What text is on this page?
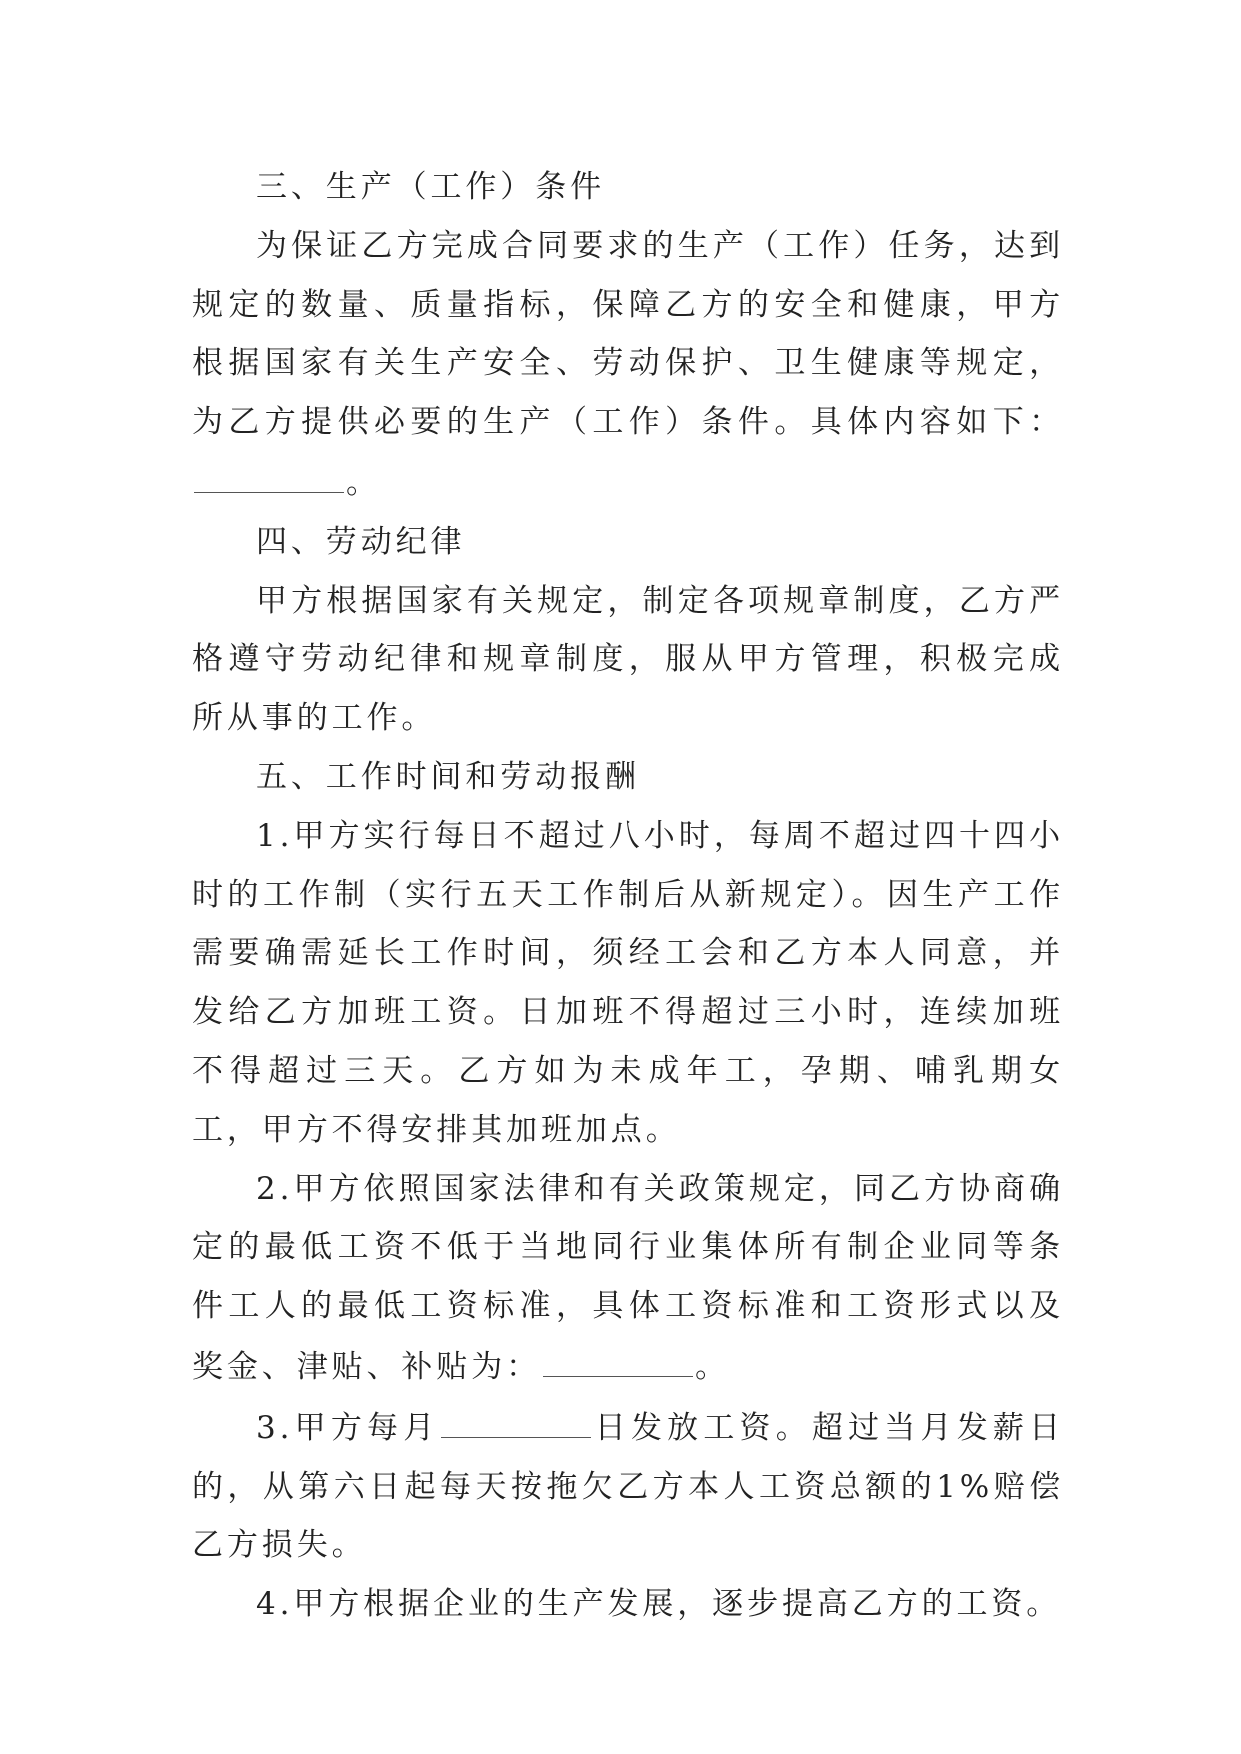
三、生产（工作）条件

为保证乙方完成合同要求的生产（工作）任务，达到规定的数量、质量指标，保障乙方的安全和健康，甲方根据国家有关生产安全、劳动保护、卫生健康等规定，为乙方提供必要的生产（工作）条件。具体内容如下：。

四、劳动纪律

甲方根据国家有关规定，制定各项规章制度，乙方严格遵守劳动纪律和规章制度，服从甲方管理，积极完成所从事的工作。

五、工作时间和劳动报酬

1.甲方实行每日不超过八小时，每周不超过四十四小时的工作制（实行五天工作制后从新规定）。因生产工作需要确需延长工作时间，须经工会和乙方本人同意，并发给乙方加班工资。日加班不得超过三小时，连续加班不得超过三天。乙方如为未成年工，孕期、哺乳期女工，甲方不得安排其加班加点。

2.甲方依照国家法律和有关政策规定，同乙方协商确定的最低工资不低于当地同行业集体所有制企业同等条件工人的最低工资标准，具体工资标准和工资形式以及奖金、津贴、补贴为：	。

3.甲方每月	日发放工资。超过当月发薪日的，从第六日起每天按拖欠乙方本人工资总额的1%赔偿乙方损失。

4.甲方根据企业的生产发展，逐步提高乙方的工资。
